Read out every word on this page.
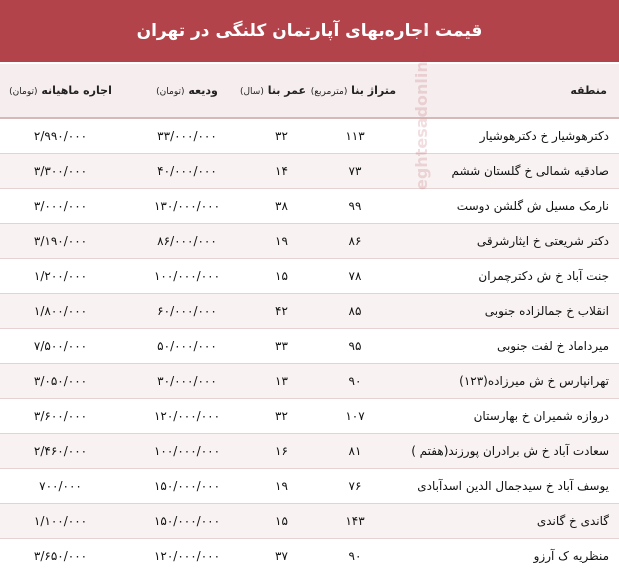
قیمت اجاره‌بهای آپارتمان کلنگی در تهران
منطقه	متراژ بنا (مترمربع)	عمر بنا (سال)	ودیعه (تومان)	اجاره ماهیانه (تومان)
دکترهوشیار خ دکترهوشیار	۱۱۳	۳۲	۳۳/۰۰۰/۰۰۰	۲/۹۹۰/۰۰۰
صادقیه شمالی خ گلستان ششم	۷۳	۱۴	۴۰/۰۰۰/۰۰۰	۳/۳۰۰/۰۰۰
نارمک مسیل ش گلشن دوست	۹۹	۳۸	۱۳۰/۰۰۰/۰۰۰	۳/۰۰۰/۰۰۰
دکتر شریعتی خ ایثارشرقی	۸۶	۱۹	۸۶/۰۰۰/۰۰۰	۳/۱۹۰/۰۰۰
جنت آباد خ ش دکترچمران	۷۸	۱۵	۱۰۰/۰۰۰/۰۰۰	۱/۲۰۰/۰۰۰
انقلاب خ جمالزاده جنوبی	۸۵	۴۲	۶۰/۰۰۰/۰۰۰	۱/۸۰۰/۰۰۰
میرداماد خ لفت جنوبی	۹۵	۳۳	۵۰/۰۰۰/۰۰۰	۷/۵۰۰/۰۰۰
تهرانپارس خ ش میرزاده(۱۲۳)	۹۰	۱۳	۳۰/۰۰۰/۰۰۰	۳/۰۵۰/۰۰۰
دروازه شمیران خ بهارستان	۱۰۷	۳۲	۱۲۰/۰۰۰/۰۰۰	۳/۶۰۰/۰۰۰
سعادت آباد خ ش برادران پورزند(هفتم )	۸۱	۱۶	۱۰۰/۰۰۰/۰۰۰	۲/۴۶۰/۰۰۰
یوسف آباد خ سیدجمال الدین اسدآبادی	۷۶	۱۹	۱۵۰/۰۰۰/۰۰۰	۷۰۰/۰۰۰
گاندی خ گاندی	۱۴۳	۱۵	۱۵۰/۰۰۰/۰۰۰	۱/۱۰۰/۰۰۰
منظریه ک آرزو	۹۰	۳۷	۱۲۰/۰۰۰/۰۰۰	۳/۶۵۰/۰۰۰
